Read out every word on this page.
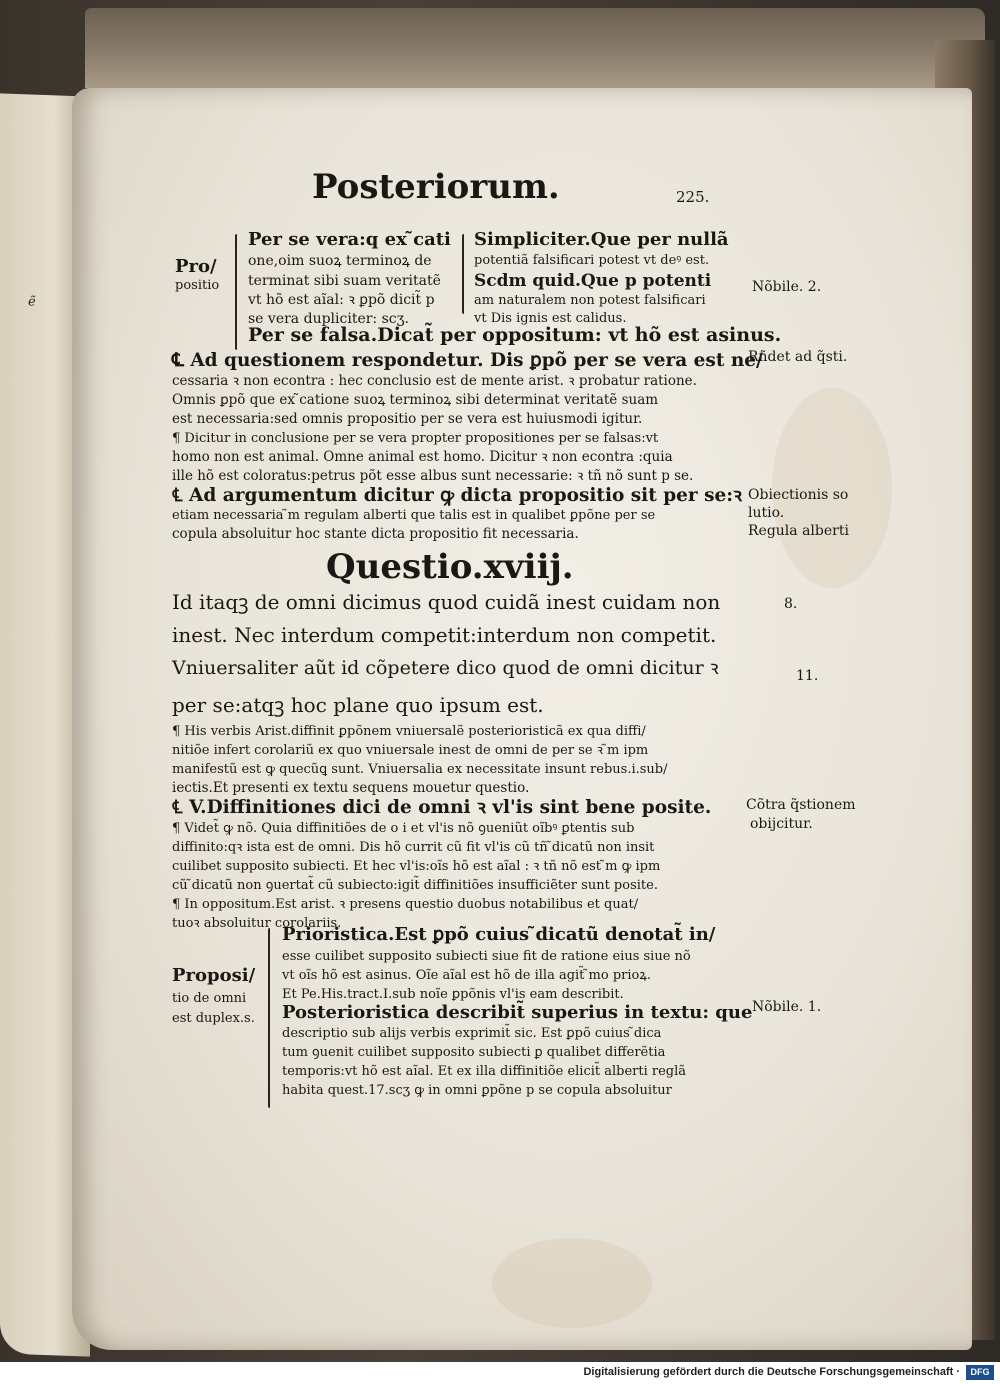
ẽ
Posteriorum.	225.
Pro/
positio
Per se vera:q ex ̃cati
one,oim suoꝝ terminoꝝ de
terminat sibi suam veritatẽ
vt hõ est aĩal: ꝛ ꝑpõ dicit̃ p
se vera dupliciter: scʒ.
Simpliciter.Que per nullã
potentiã falsificari potest vt deꝰ est.
Scdm quid.Que p potenti
am naturalem non potest falsificari
vt Dis ignis est calidus.
Per se falsa.Dicat̃ per oppositum: vt hõ est asinus.
℄ Ad questionem respondetur. Dis ꝑpõ per se vera est ne/
cessaria ꝛ non econtra : hec conclusio est de mente arist. ꝛ probatur ratione.
Omnis ꝑpõ que ex ̃catione suoꝝ terminoꝝ sibi determinat veritatẽ suam
est necessaria:sed omnis propositio per se vera est huiusmodi igitur.
¶ Dicitur in conclusione per se vera propter propositiones per se falsas:vt
homo non est animal. Omne animal est homo. Dicitur ꝛ non econtra :quia
ille hõ est coloratus:petrus põt esse albus sunt necessarie: ꝛ tñ nõ sunt p se.
℄ Ad argumentum dicitur ꝙ dicta propositio sit per se:ꝛ
etiam necessaria ̃m regulam alberti que talis est in qualibet ꝑpõne per se
copula absoluitur hoc stante dicta propositio fit necessaria.
Questio.xviij.
Id itaqꝫ de omni dicimus quod cuidã inest cuidam non
inest. Nec interdum competit:interdum non competit.
Vniuersaliter aũt id cõpetere dico quod de omni dicitur ꝛ
per se:atqꝫ hoc plane quo ipsum est.
¶ His verbis Arist.diffinit ꝑpõnem vniuersalẽ posterioristicã ex qua diffi/
nitiõe infert corolariũ ex quo vniuersale inest de omni de per se ꝛ ̃m ipm
manifestũ est ꝙ quecũꝗ sunt. Vniuersalia ex necessitate insunt rebus.i.sub/
iectis.Et presenti ex textu sequens mouetur questio.
℄ V.Diffinitiones dici de omni ꝛ vl'is sint bene posite.
¶ Videt̃ ꝙ nõ. Quia diffinitiões de o i et vl'is nõ ꝯueniũt oĩbꝰ ꝑtentis sub
diffinito:qꝛ ista est de omni. Dis hõ currit cũ fit vl'is cũ tñ ̃dicatũ non insit
cuilibet supposito subiecti. Et hec vl'is:oĩs hõ est aĩal : ꝛ tñ nõ est ̃m ꝙ ipm
cũ ̃dicatũ non ꝯuertat̃ cũ subiecto:igit̃ diffinitiões insufficiẽter sunt posite.
¶ In oppositum.Est arist. ꝛ presens questio duobus notabilibus et quat/
tuoꝛ absoluitur corolariis.
Proposi/
tio de omni
est duplex.s.
Prioristica.Est ꝑpõ cuius ̃dicatũ denotat̃ in/
esse cuilibet supposito subiecti siue fit de ratione eius siue nõ
vt oĩs hõ est asinus. Oĩe aĩal est hõ de illa agit̃ ̃mo prioꝝ.
Et Pe.His.tract.I.sub noĩe ꝑpõnis vl'is eam describit.
Posterioristica describit̃ superius in textu: que
descriptio sub alijs verbis exprimit̃ sic. Est ꝑpõ cuius ̃dica
tum ꝯuenit cuilibet supposito subiecti ꝑ qualibet differẽtia
temporis:vt hõ est aĩal. Et ex illa diffinitiõe elicit̃ alberti reglã
habita quest.17.scʒ ꝙ in omni ꝑpõne p se copula absoluitur
Nõbile. 2.
Rñdet ad q̃sti.
Obiectionis so
lutio.
Regula alberti
8.
11.
Cõtra q̃stionem
obijcitur.
Nõbile. 1.
Digitalisierung gefördert durch die Deutsche Forschungsgemeinschaft ·	DFG
